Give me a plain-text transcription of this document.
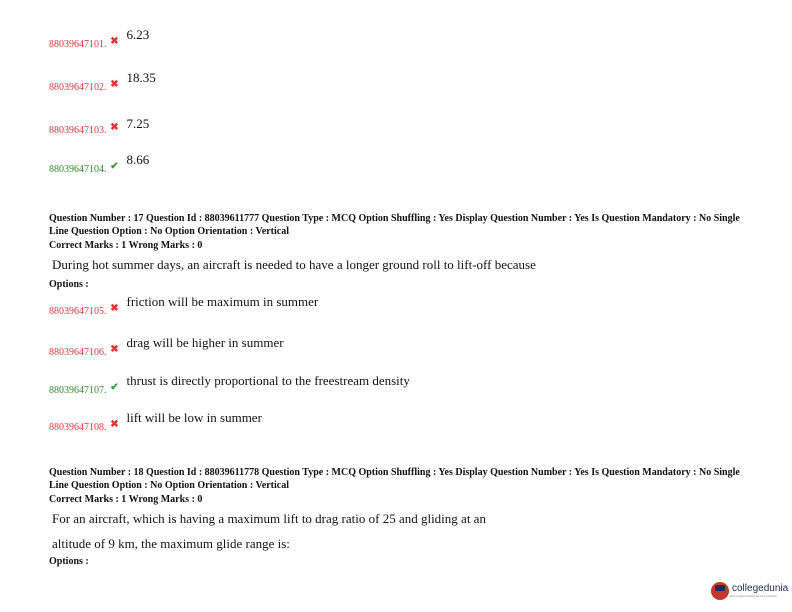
88039647101. ✖ 6.23
88039647102. ✖ 18.35
88039647103. ✖ 7.25
88039647104. ✔ 8.66
Question Number : 17 Question Id : 88039611777 Question Type : MCQ Option Shuffling : Yes Display Question Number : Yes Is Question Mandatory : No Single Line Question Option : No Option Orientation : Vertical
Correct Marks : 1 Wrong Marks : 0
During hot summer days, an aircraft is needed to have a longer ground roll to lift-off because
Options :
88039647105. ✖ friction will be maximum in summer
88039647106. ✖ drag will be higher in summer
88039647107. ✔ thrust is directly proportional to the freestream density
88039647108. ✖ lift will be low in summer
Question Number : 18 Question Id : 88039611778 Question Type : MCQ Option Shuffling : Yes Display Question Number : Yes Is Question Mandatory : No Single Line Question Option : No Option Orientation : Vertical
Correct Marks : 1 Wrong Marks : 0
For an aircraft, which is having a maximum lift to drag ratio of 25 and gliding at an
altitude of 9 km, the maximum glide range is:
Options :
collegedunia
India's largest Student Review Platform
